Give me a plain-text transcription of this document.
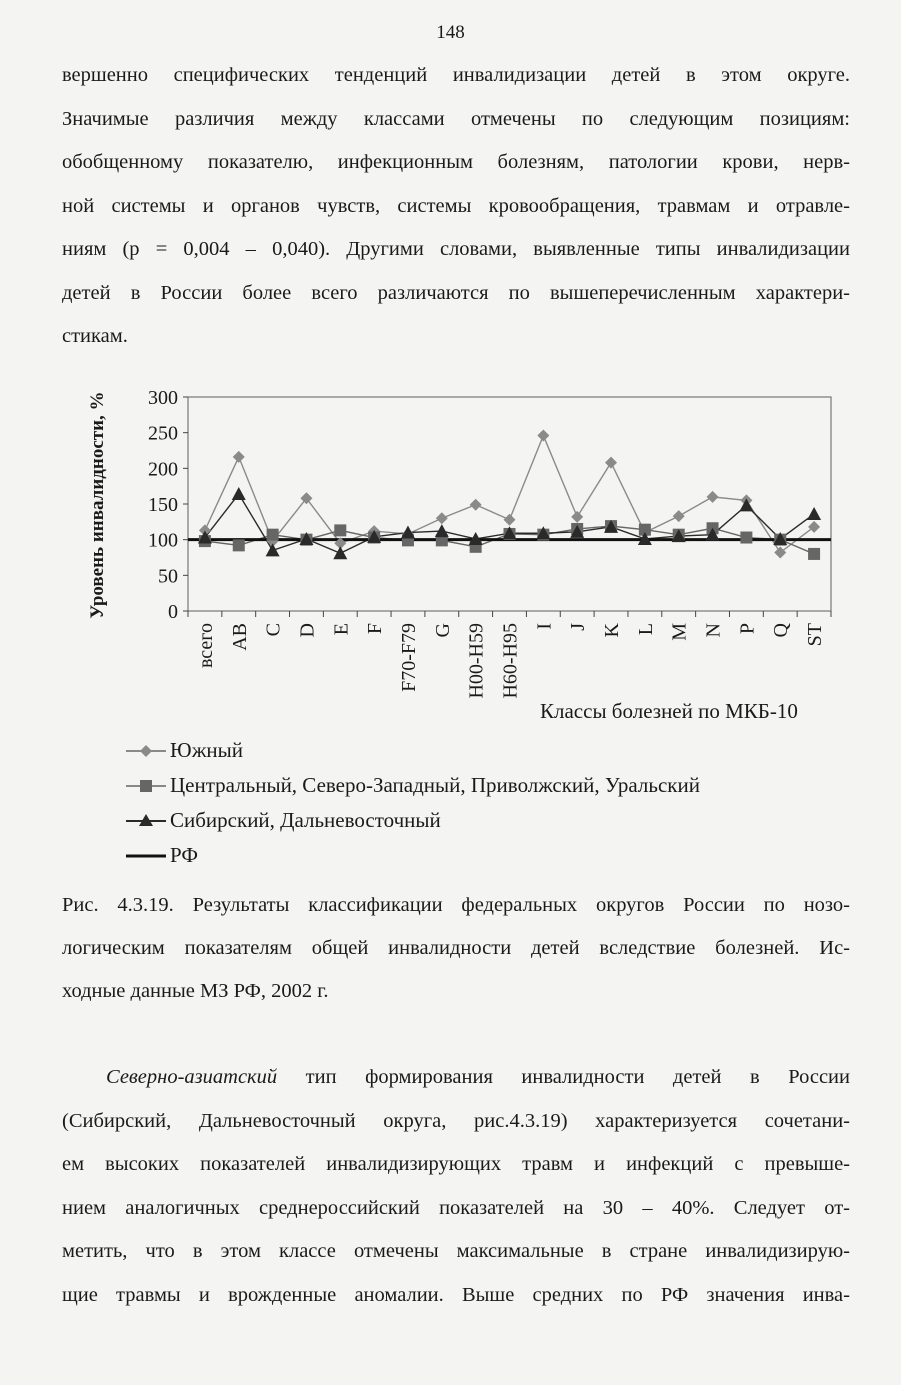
148
вершенно специфических тенденций инвалидизации детей в этом округе.
Значимые различия между классами отмечены по следующим позициям:
обобщенному показателю, инфекционным болезням, патологии крови, нерв-
ной системы и органов чувств, системы кровообращения, травмам и отравле-
ниям (p = 0,004 – 0,040). Другими словами, выявленные типы инвалидизации
детей в России более всего различаются по вышеперечисленным характери-
стикам.
0
50
100
150
200
250
300
всего AB C D E F F70-F79 G H00-H59 H60-H95 I J K L M N P Q ST
Уровень инвалидности, %
Классы болезней по МКБ-10
Южный
Центральный, Северо-Западный, Приволжский, Уральский
Сибирский, Дальневосточный
РФ
Рис. 4.3.19. Результаты классификации федеральных округов России по нозо-
логическим показателям общей инвалидности детей вследствие болезней. Ис-
ходные данные МЗ РФ, 2002 г.
Северно-азиатский тип формирования инвалидности детей в России
(Сибирский, Дальневосточный округа, рис.4.3.19) характеризуется сочетани-
ем высоких показателей инвалидизирующих травм и инфекций с превыше-
нием аналогичных среднероссийский показателей на 30 – 40%. Следует от-
метить, что в этом классе отмечены максимальные в стране инвалидизирую-
щие травмы и врожденные аномалии. Выше средних по РФ значения инва-
